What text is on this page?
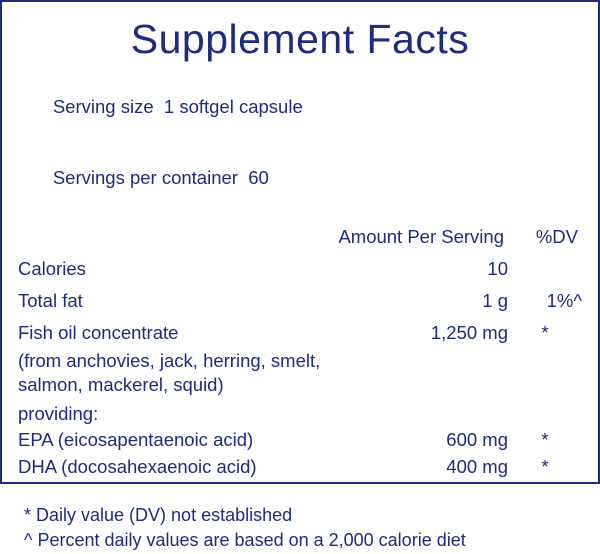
Supplement Facts

Serving size 1 softgel capsule

Servings per container 60

	Amount Per Serving	%DV
Calories	10	
Total fat	1 g	1%^
Fish oil concentrate	1,250 mg	*
(from anchovies, jack, herring, smelt,		
salmon, mackerel, squid)		
providing:		
EPA (eicosapentaenoic acid)	600 mg	*
DHA (docosahexaenoic acid)	400 mg	*
* Daily value (DV) not established
^ Percent daily values are based on a 2,000 calorie diet
